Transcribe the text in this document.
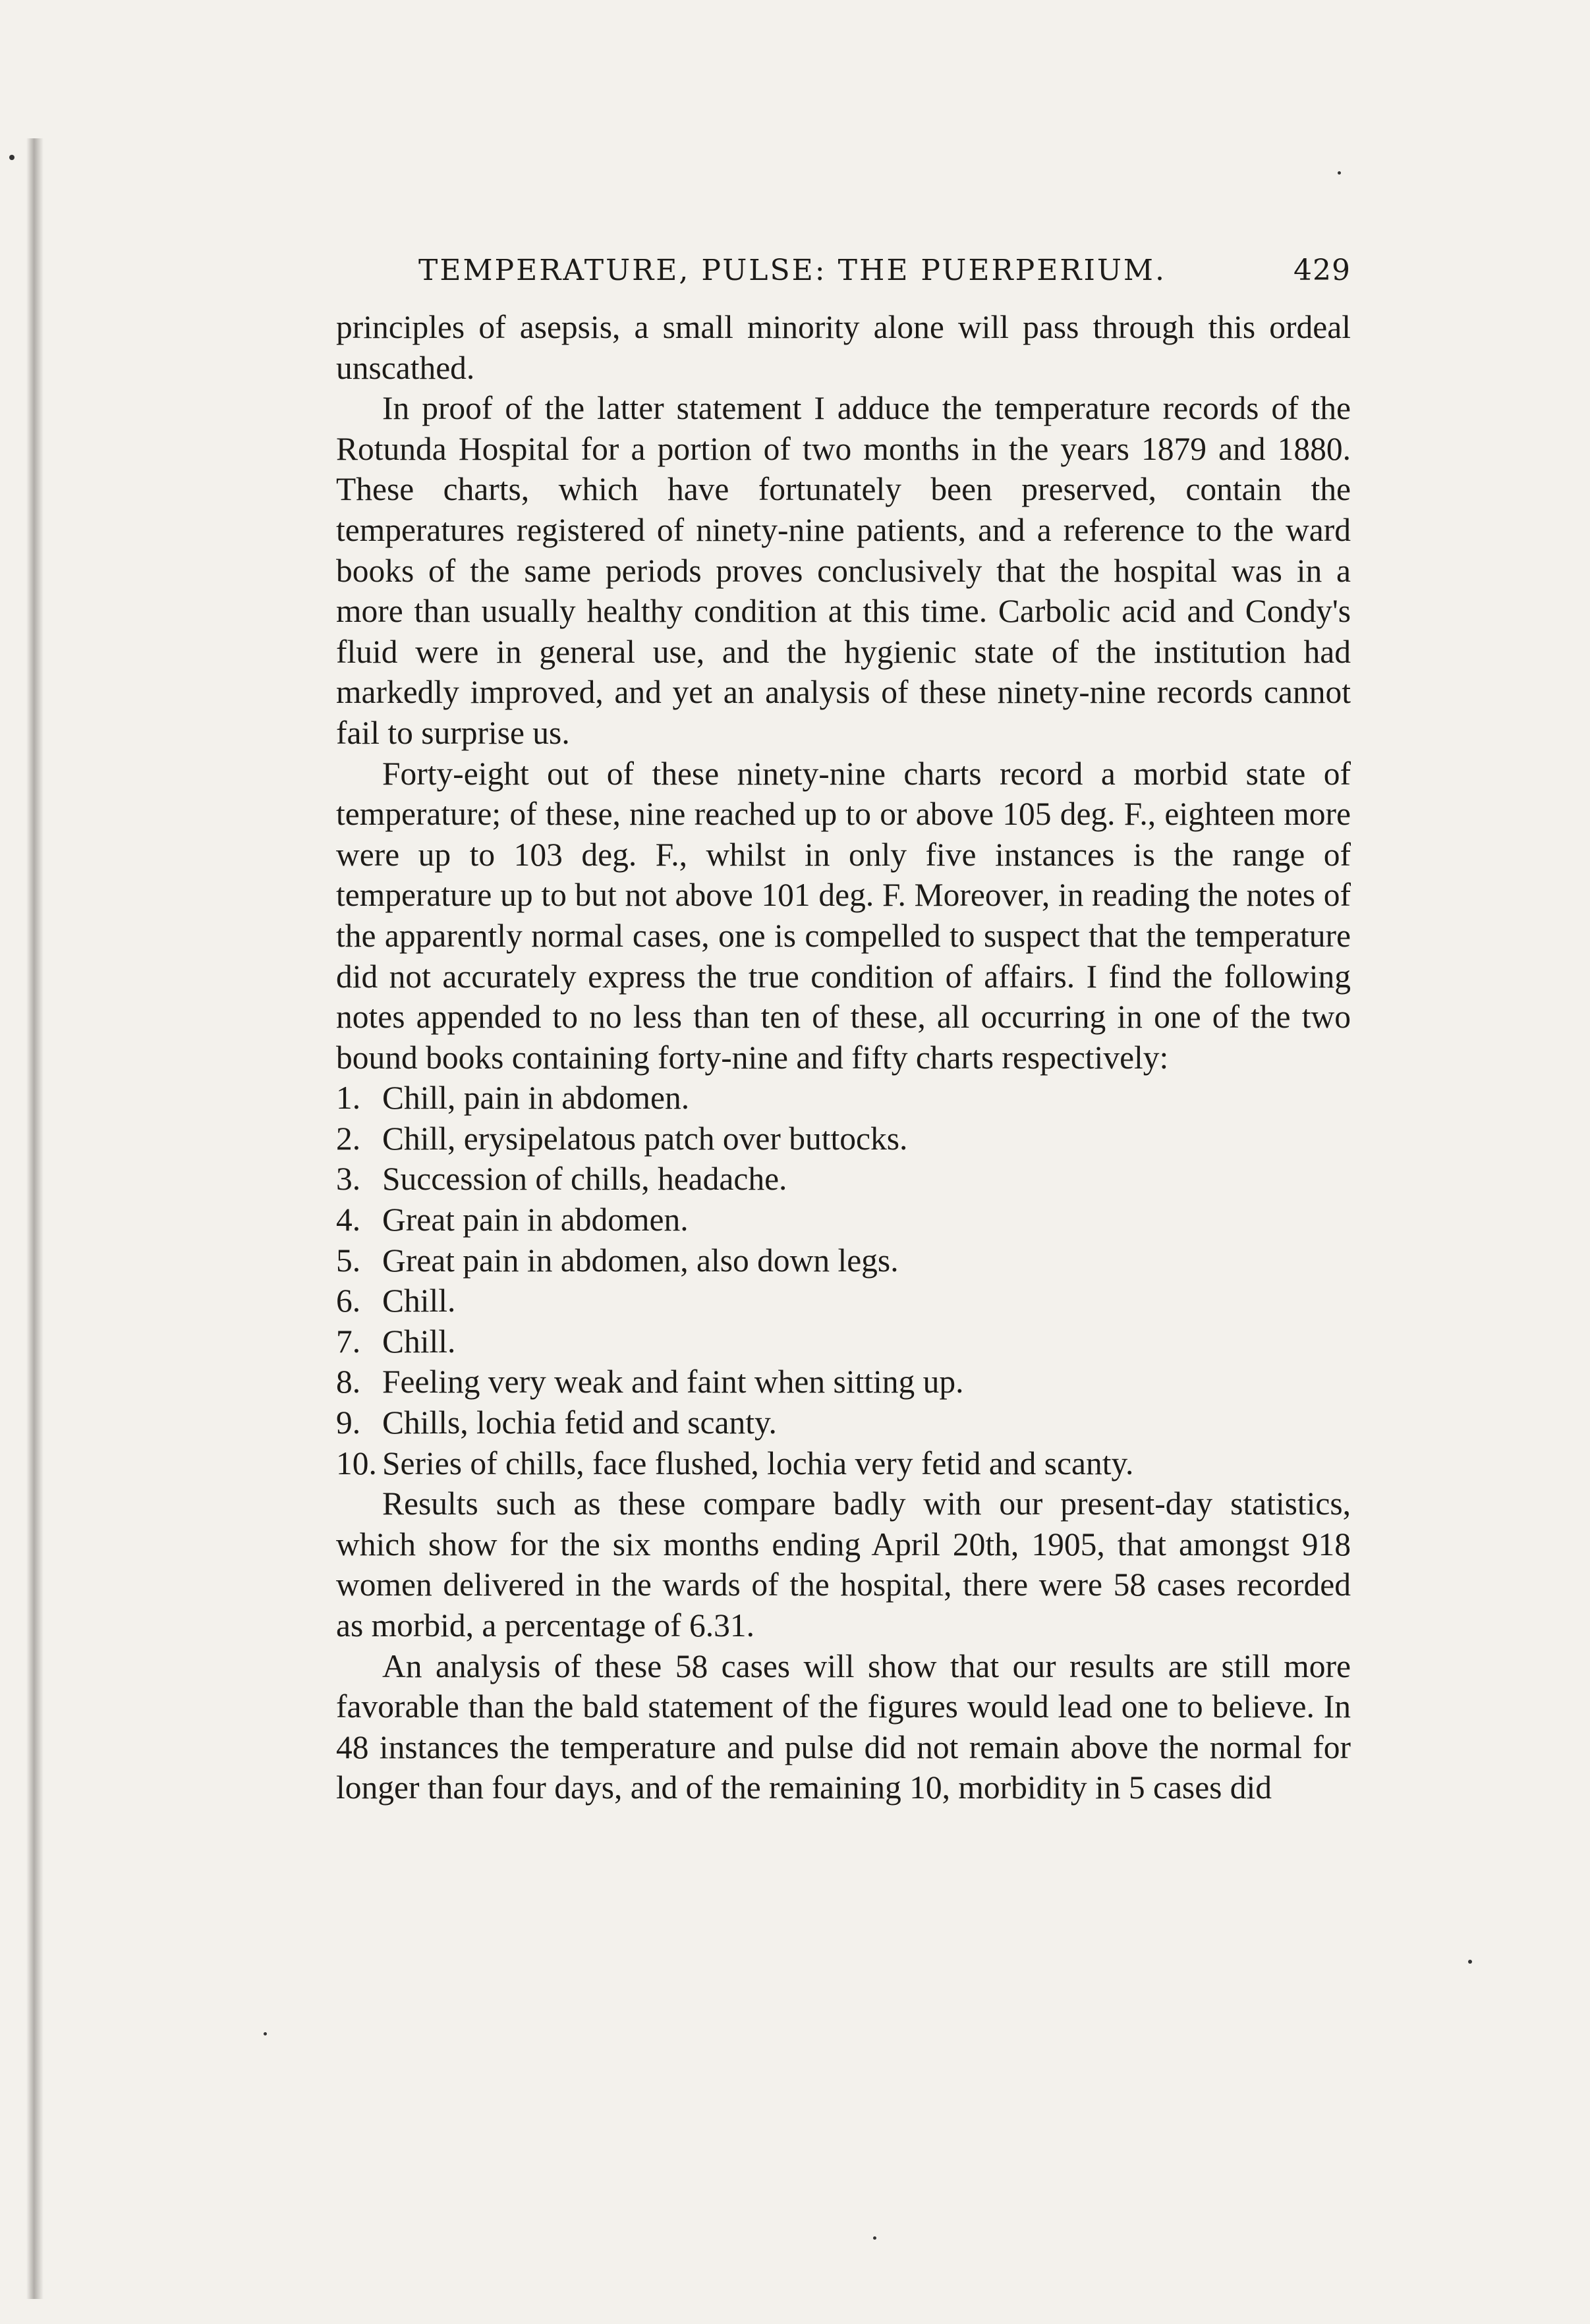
TEMPERATURE, PULSE: THE PUERPERIUM.	429

principles of asepsis, a small minority alone will pass through this ordeal unscathed.

In proof of the latter statement I adduce the temperature records of the Rotunda Hospital for a portion of two months in the years 1879 and 1880. These charts, which have fortunately been preserved, contain the temperatures registered of ninety-nine patients, and a reference to the ward books of the same periods proves conclusively that the hospital was in a more than usually healthy condition at this time. Carbolic acid and Condy's fluid were in general use, and the hygienic state of the institution had markedly improved, and yet an analysis of these ninety-nine records cannot fail to surprise us.

Forty-eight out of these ninety-nine charts record a morbid state of temperature; of these, nine reached up to or above 105 deg. F., eighteen more were up to 103 deg. F., whilst in only five instances is the range of temperature up to but not above 101 deg. F. Moreover, in reading the notes of the apparently normal cases, one is compelled to suspect that the temperature did not accurately express the true condition of affairs. I find the following notes appended to no less than ten of these, all occurring in one of the two bound books containing forty-nine and fifty charts respectively:

1. Chill, pain in abdomen.
2. Chill, erysipelatous patch over buttocks.
3. Succession of chills, headache.
4. Great pain in abdomen.
5. Great pain in abdomen, also down legs.
6. Chill.
7. Chill.
8. Feeling very weak and faint when sitting up.
9. Chills, lochia fetid and scanty.
10. Series of chills, face flushed, lochia very fetid and scanty.

Results such as these compare badly with our present-day statistics, which show for the six months ending April 20th, 1905, that amongst 918 women delivered in the wards of the hospital, there were 58 cases recorded as morbid, a percentage of 6.31.

An analysis of these 58 cases will show that our results are still more favorable than the bald statement of the figures would lead one to believe. In 48 instances the temperature and pulse did not remain above the normal for longer than four days, and of the remaining 10, morbidity in 5 cases did
